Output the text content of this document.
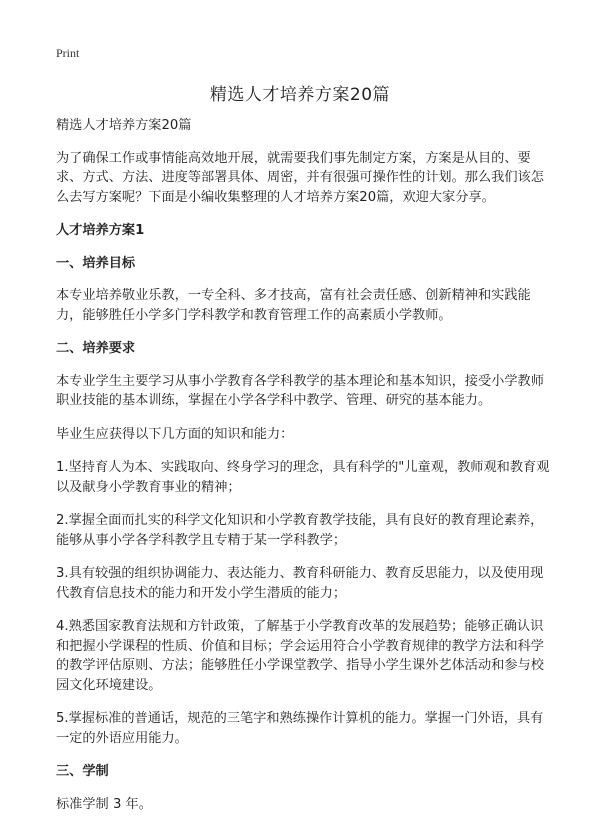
Print
精选人才培养方案20篇

精选人才培养方案20篇

为了确保工作或事情能高效地开展，就需要我们事先制定方案，方案是从目的、要求、方式、方法、进度等部署具体、周密，并有很强可操作性的计划。那么我们该怎么去写方案呢？下面是小编收集整理的人才培养方案20篇，欢迎大家分享。

人才培养方案1
一、培养目标

本专业培养敬业乐教，一专全科、多才技高，富有社会责任感、创新精神和实践能力，能够胜任小学多门学科教学和教育管理工作的高素质小学教师。

二、培养要求

本专业学生主要学习从事小学教育各学科教学的基本理论和基本知识，接受小学教师职业技能的基本训练，掌握在小学各学科中教学、管理、研究的基本能力。

毕业生应获得以下几方面的知识和能力：

1.坚持育人为本、实践取向、终身学习的理念，具有科学的"儿童观，教师观和教育观以及献身小学教育事业的精神；

2.掌握全面而扎实的科学文化知识和小学教育教学技能，具有良好的教育理论素养，能够从事小学各学科教学且专精于某一学科教学；

3.具有较强的组织协调能力、表达能力、教育科研能力、教育反思能力，以及使用现代教育信息技术的能力和开发小学生潜质的能力；

4.熟悉国家教育法规和方针政策，了解基于小学教育改革的发展趋势；能够正确认识和把握小学课程的性质、价值和目标；学会运用符合小学教育规律的教学方法和科学的教学评估原则、方法；能够胜任小学课堂教学、指导小学生课外艺体活动和参与校园文化环境建设。

5.掌握标准的普通话，规范的三笔字和熟练操作计算机的能力。掌握一门外语，具有一定的外语应用能力。

三、学制

标准学制 3 年。
